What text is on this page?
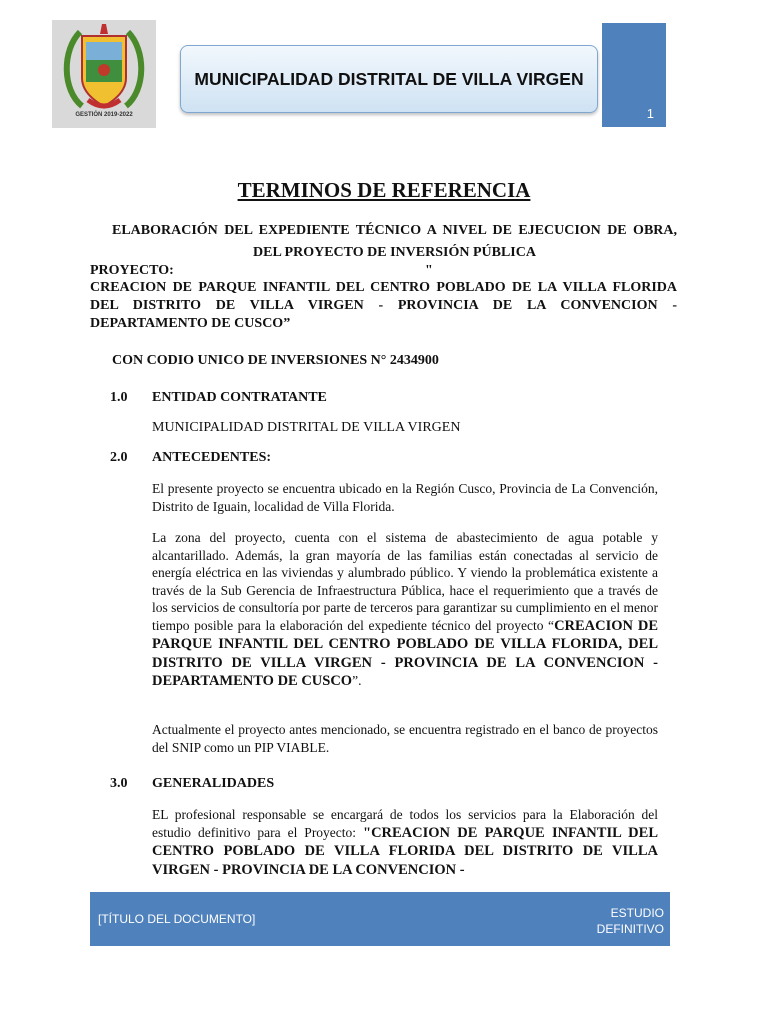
GESTIÓN 2019-2022
MUNICIPALIDAD DISTRITAL DE VILLA VIRGEN
1
TERMINOS DE REFERENCIA
ELABORACIÓN DEL EXPEDIENTE TÉCNICO A NIVEL DE EJECUCION DE OBRA, DEL PROYECTO DE INVERSIÓN PÚBLICA
PROYECTO:	"
CREACION DE PARQUE INFANTIL DEL CENTRO POBLADO DE LA VILLA FLORIDA DEL DISTRITO DE VILLA VIRGEN - PROVINCIA DE LA CONVENCION - DEPARTAMENTO DE CUSCO”
CON CODIO UNICO DE INVERSIONES N° 2434900
1.0 ENTIDAD CONTRATANTE
MUNICIPALIDAD DISTRITAL DE VILLA VIRGEN
2.0 ANTECEDENTES:
El presente proyecto se encuentra ubicado en la Región Cusco, Provincia de La Convención, Distrito de Iguain, localidad de Villa Florida.
La zona del proyecto, cuenta con el sistema de abastecimiento de agua potable y alcantarillado. Además, la gran mayoría de las familias están conectadas al servicio de energía eléctrica en las viviendas y alumbrado público. Y viendo la problemática existente a través de la Sub Gerencia de Infraestructura Pública, hace el requerimiento que a través de los servicios de consultoría por parte de terceros para garantizar su cumplimiento en el menor tiempo posible para la elaboración del expediente técnico del proyecto “CREACION DE PARQUE INFANTIL DEL CENTRO POBLADO DE VILLA FLORIDA, DEL DISTRITO DE VILLA VIRGEN - PROVINCIA DE LA CONVENCION - DEPARTAMENTO DE CUSCO”.
Actualmente el proyecto antes mencionado, se encuentra registrado en el banco de proyectos del SNIP como un PIP VIABLE.
3.0 GENERALIDADES
EL profesional responsable se encargará de todos los servicios para la Elaboración del estudio definitivo para el Proyecto: "CREACION DE PARQUE INFANTIL DEL CENTRO POBLADO DE VILLA FLORIDA DEL DISTRITO DE VILLA VIRGEN - PROVINCIA DE LA CONVENCION -
[TÍTULO DEL DOCUMENTO]	ESTUDIO DEFINITIVO
